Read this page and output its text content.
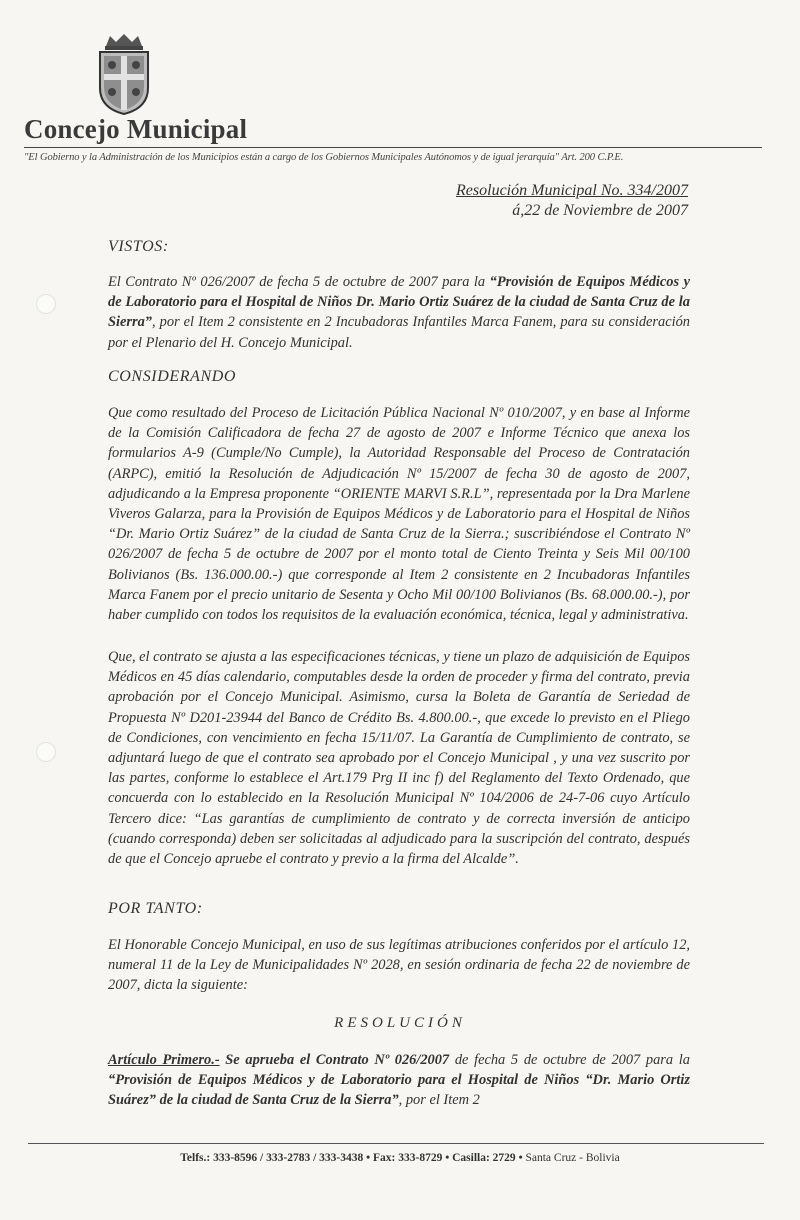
Concejo Municipal
"El Gobierno y la Administración de los Municipios están a cargo de los Gobiernos Municipales Autónomos y de igual jerarquía" Art. 200 C.P.E.
Resolución Municipal No. 334/2007
á,22 de Noviembre de 2007
VISTOS:
El Contrato Nº 026/2007 de fecha 5 de octubre de 2007 para la “Provisión de Equipos Médicos y de Laboratorio para el Hospital de Niños Dr. Mario Ortiz Suárez de la ciudad de Santa Cruz de la Sierra”, por el Item 2 consistente en 2 Incubadoras Infantiles Marca Fanem, para su consideración por el Plenario del H. Concejo Municipal.
CONSIDERANDO
Que como resultado del Proceso de Licitación Pública Nacional Nº 010/2007, y en base al Informe de la Comisión Calificadora de fecha 27 de agosto de 2007 e Informe Técnico que anexa los formularios A-9 (Cumple/No Cumple), la Autoridad Responsable del Proceso de Contratación (ARPC), emitió la Resolución de Adjudicación Nº 15/2007 de fecha 30 de agosto de 2007, adjudicando a la Empresa proponente “ORIENTE MARVI S.R.L”, representada por la Dra Marlene Viveros Galarza, para la Provisión de Equipos Médicos y de Laboratorio para el Hospital de Niños “Dr. Mario Ortiz Suárez” de la ciudad de Santa Cruz de la Sierra.; suscribiéndose el Contrato Nº 026/2007 de fecha 5 de octubre de 2007 por el monto total de Ciento Treinta y Seis Mil 00/100 Bolivianos (Bs. 136.000.00.-) que corresponde al Item 2 consistente en 2 Incubadoras Infantiles Marca Fanem por el precio unitario de Sesenta y Ocho Mil 00/100 Bolivianos (Bs. 68.000.00.-), por haber cumplido con todos los requisitos de la evaluación económica, técnica, legal y administrativa.
Que, el contrato se ajusta a las especificaciones técnicas, y tiene un plazo de adquisición de Equipos Médicos en 45 días calendario, computables desde la orden de proceder y firma del contrato, previa aprobación por el Concejo Municipal. Asimismo, cursa la Boleta de Garantía de Seriedad de Propuesta Nº D201-23944 del Banco de Crédito Bs. 4.800.00.-, que excede lo previsto en el Pliego de Condiciones, con vencimiento en fecha 15/11/07. La Garantía de Cumplimiento de contrato, se adjuntará luego de que el contrato sea aprobado por el Concejo Municipal , y una vez suscrito por las partes, conforme lo establece el Art.179 Prg II inc f) del Reglamento del Texto Ordenado, que concuerda con lo establecido en la Resolución Municipal Nº 104/2006 de 24-7-06 cuyo Artículo Tercero dice: “Las garantías de cumplimiento de contrato y de correcta inversión de anticipo (cuando corresponda) deben ser solicitadas al adjudicado para la suscripción del contrato, después de que el Concejo apruebe el contrato y previo a la firma del Alcalde”.
POR TANTO:
El Honorable Concejo Municipal, en uso de sus legítimas atribuciones conferidos por el artículo 12, numeral 11 de la Ley de Municipalidades Nº 2028, en sesión ordinaria de fecha 22 de noviembre de 2007, dicta la siguiente:
RESOLUCIÓN
Artículo Primero.- Se aprueba el Contrato Nº 026/2007 de fecha 5 de octubre de 2007 para la “Provisión de Equipos Médicos y de Laboratorio para el Hospital de Niños “Dr. Mario Ortiz Suárez” de la ciudad de Santa Cruz de la Sierra”, por el Item 2
Telfs.: 333-8596 / 333-2783 / 333-3438 • Fax: 333-8729 • Casilla: 2729 • Santa Cruz - Bolivia
